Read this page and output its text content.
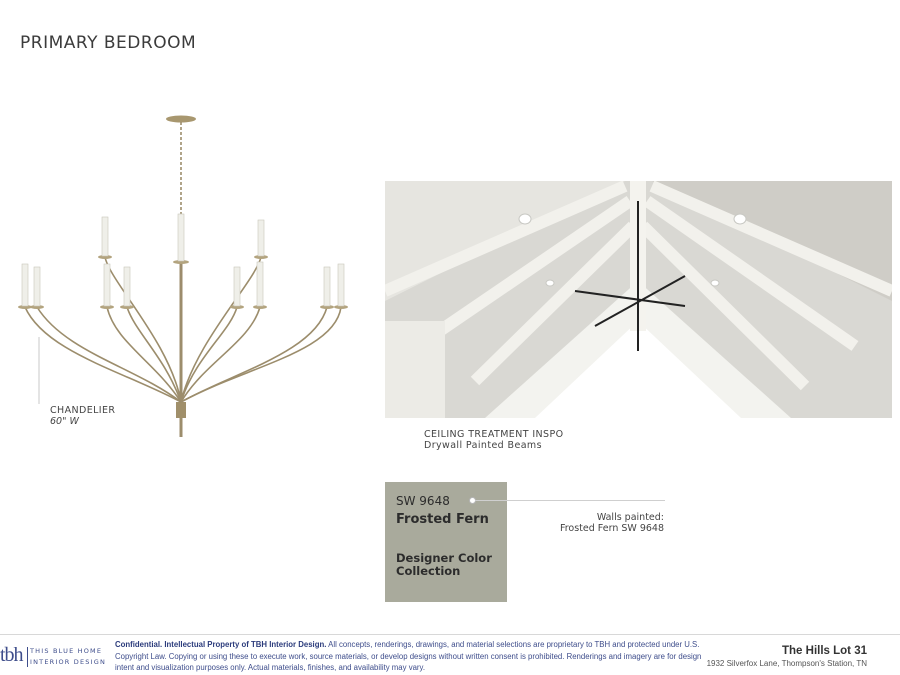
PRIMARY BEDROOM
CHANDELIER
60" W
CEILING TREATMENT INSPO
Drywall Painted Beams
SW 9648
Frosted Fern
Designer Color Collection
Walls painted:
Frosted Fern SW 9648
tbh THIS BLUE HOME
INTERIOR DESIGN
Confidential. Intellectual Property of TBH Interior Design. All concepts, renderings, drawings, and material selections are proprietary to TBH and protected under U.S. Copyright Law. Copying or using these to execute work, source materials, or develop designs without written consent is prohibited. Renderings and imagery are for design intent and visualization purposes only. Actual materials, finishes, and availability may vary.
The Hills Lot 31
1932 Silverfox Lane, Thompson's Station, TN
